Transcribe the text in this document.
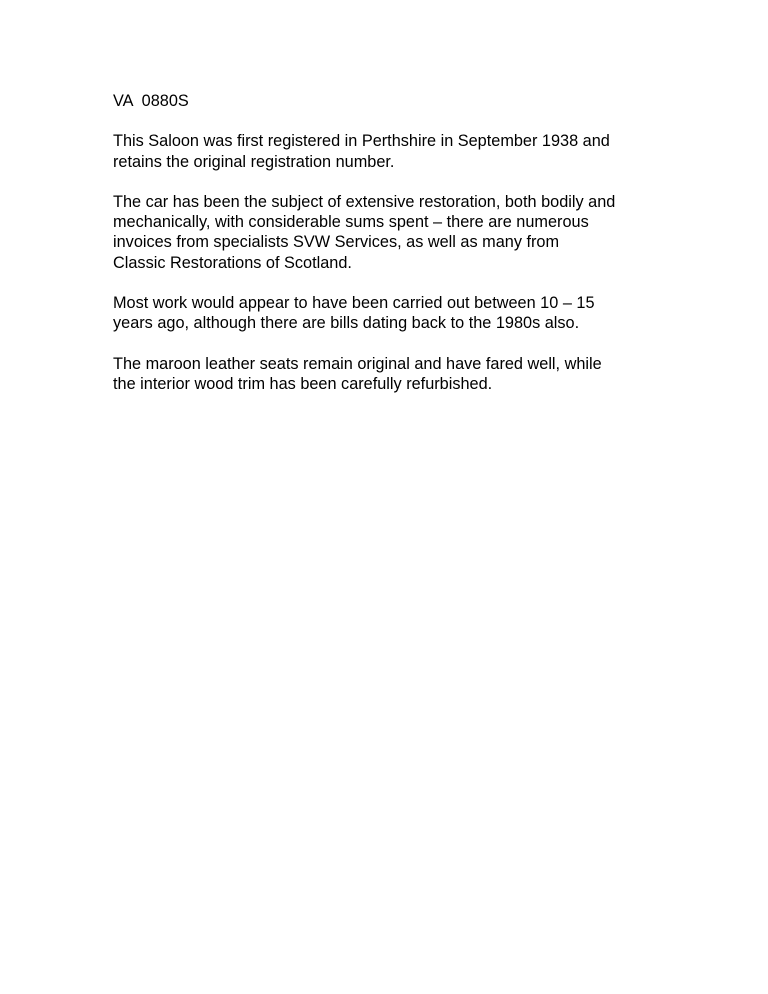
VA  0880S

This Saloon was first registered in Perthshire in September 1938 and
retains the original registration number.

The car has been the subject of extensive restoration, both bodily and
mechanically, with considerable sums spent – there are numerous
invoices from specialists SVW Services, as well as many from
Classic Restorations of Scotland.

Most work would appear to have been carried out between 10 – 15
years ago, although there are bills dating back to the 1980s also.

The maroon leather seats remain original and have fared well, while
the interior wood trim has been carefully refurbished.
